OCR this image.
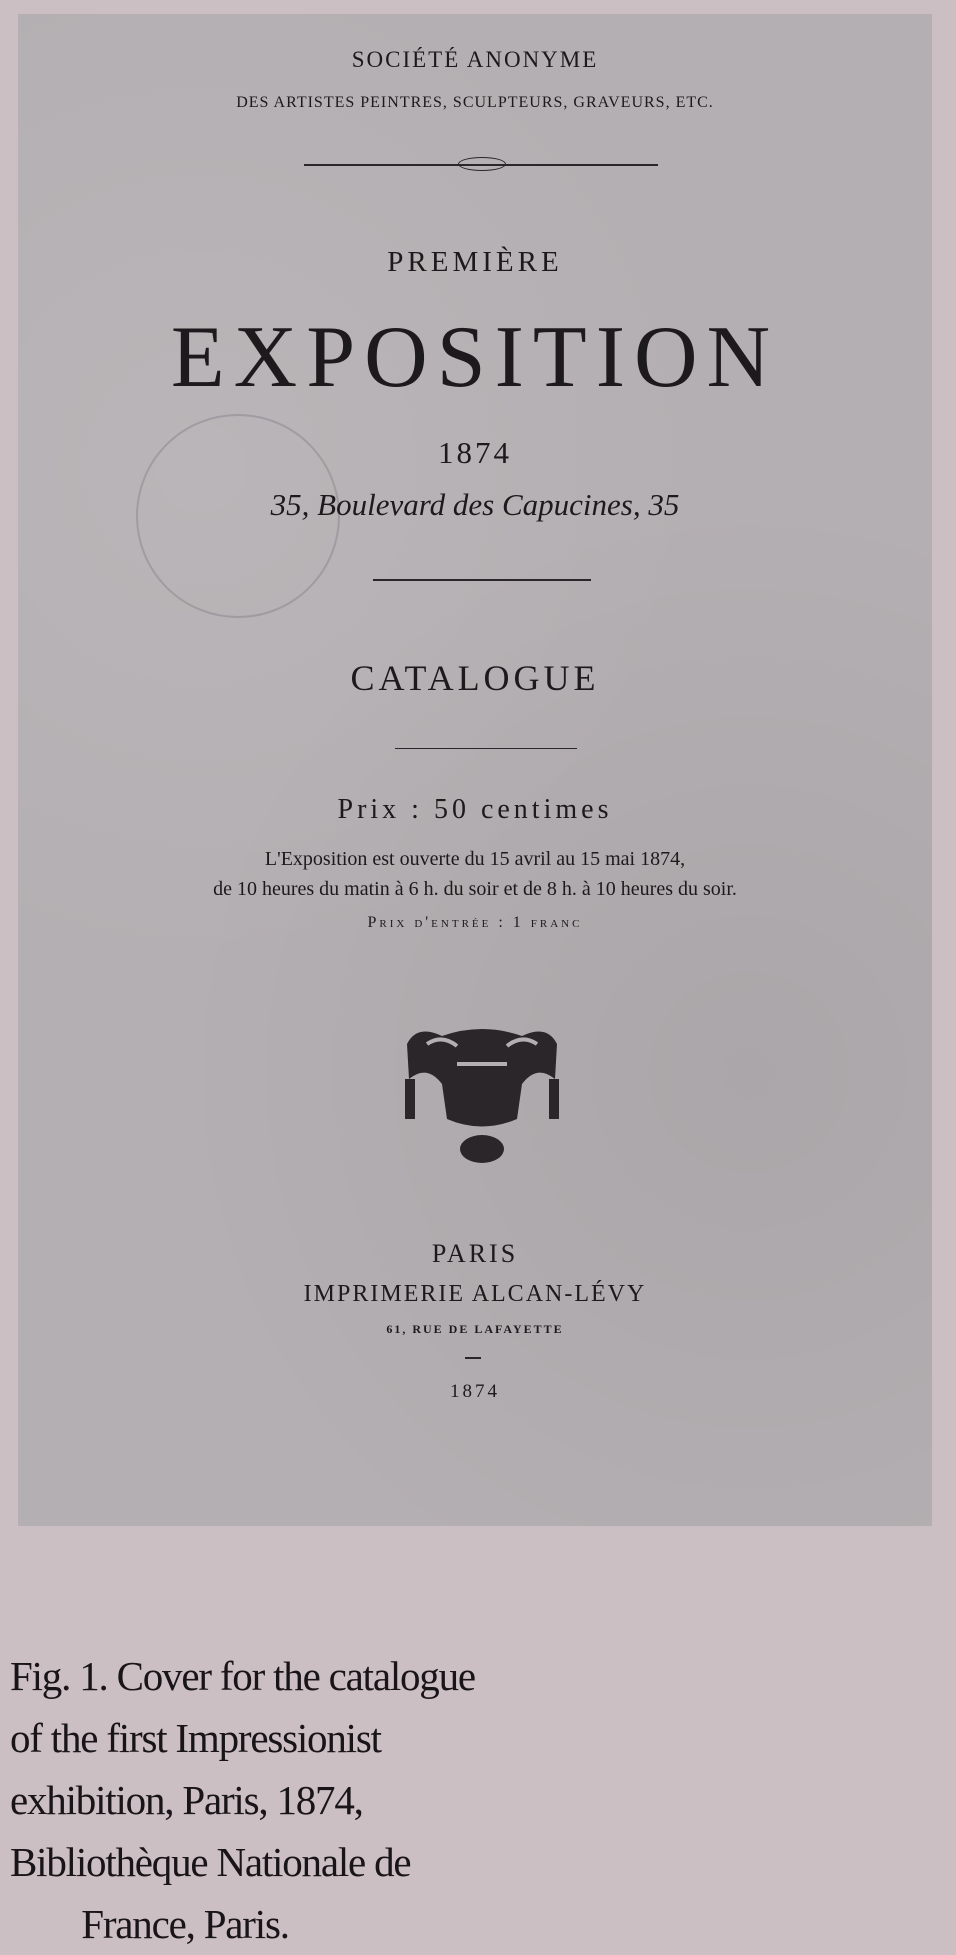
SOCIÉTÉ ANONYME
DES ARTISTES PEINTRES, SCULPTEURS, GRAVEURS, ETC.
PREMIÈRE
EXPOSITION
1874
35, Boulevard des Capucines, 35
CATALOGUE
Prix : 50 centimes
L'Exposition est ouverte du 15 avril au 15 mai 1874,
de 10 heures du matin à 6 h. du soir et de 8 h. à 10 heures du soir.
Prix d'entrée : 1 franc
PARIS
IMPRIMERIE ALCAN-LÉVY
61, RUE DE LAFAYETTE
1874
Fig. 1. Cover for the catalogue
of the first Impressionist
exhibition, Paris, 1874,
Bibliothèque Nationale de
France, Paris.
